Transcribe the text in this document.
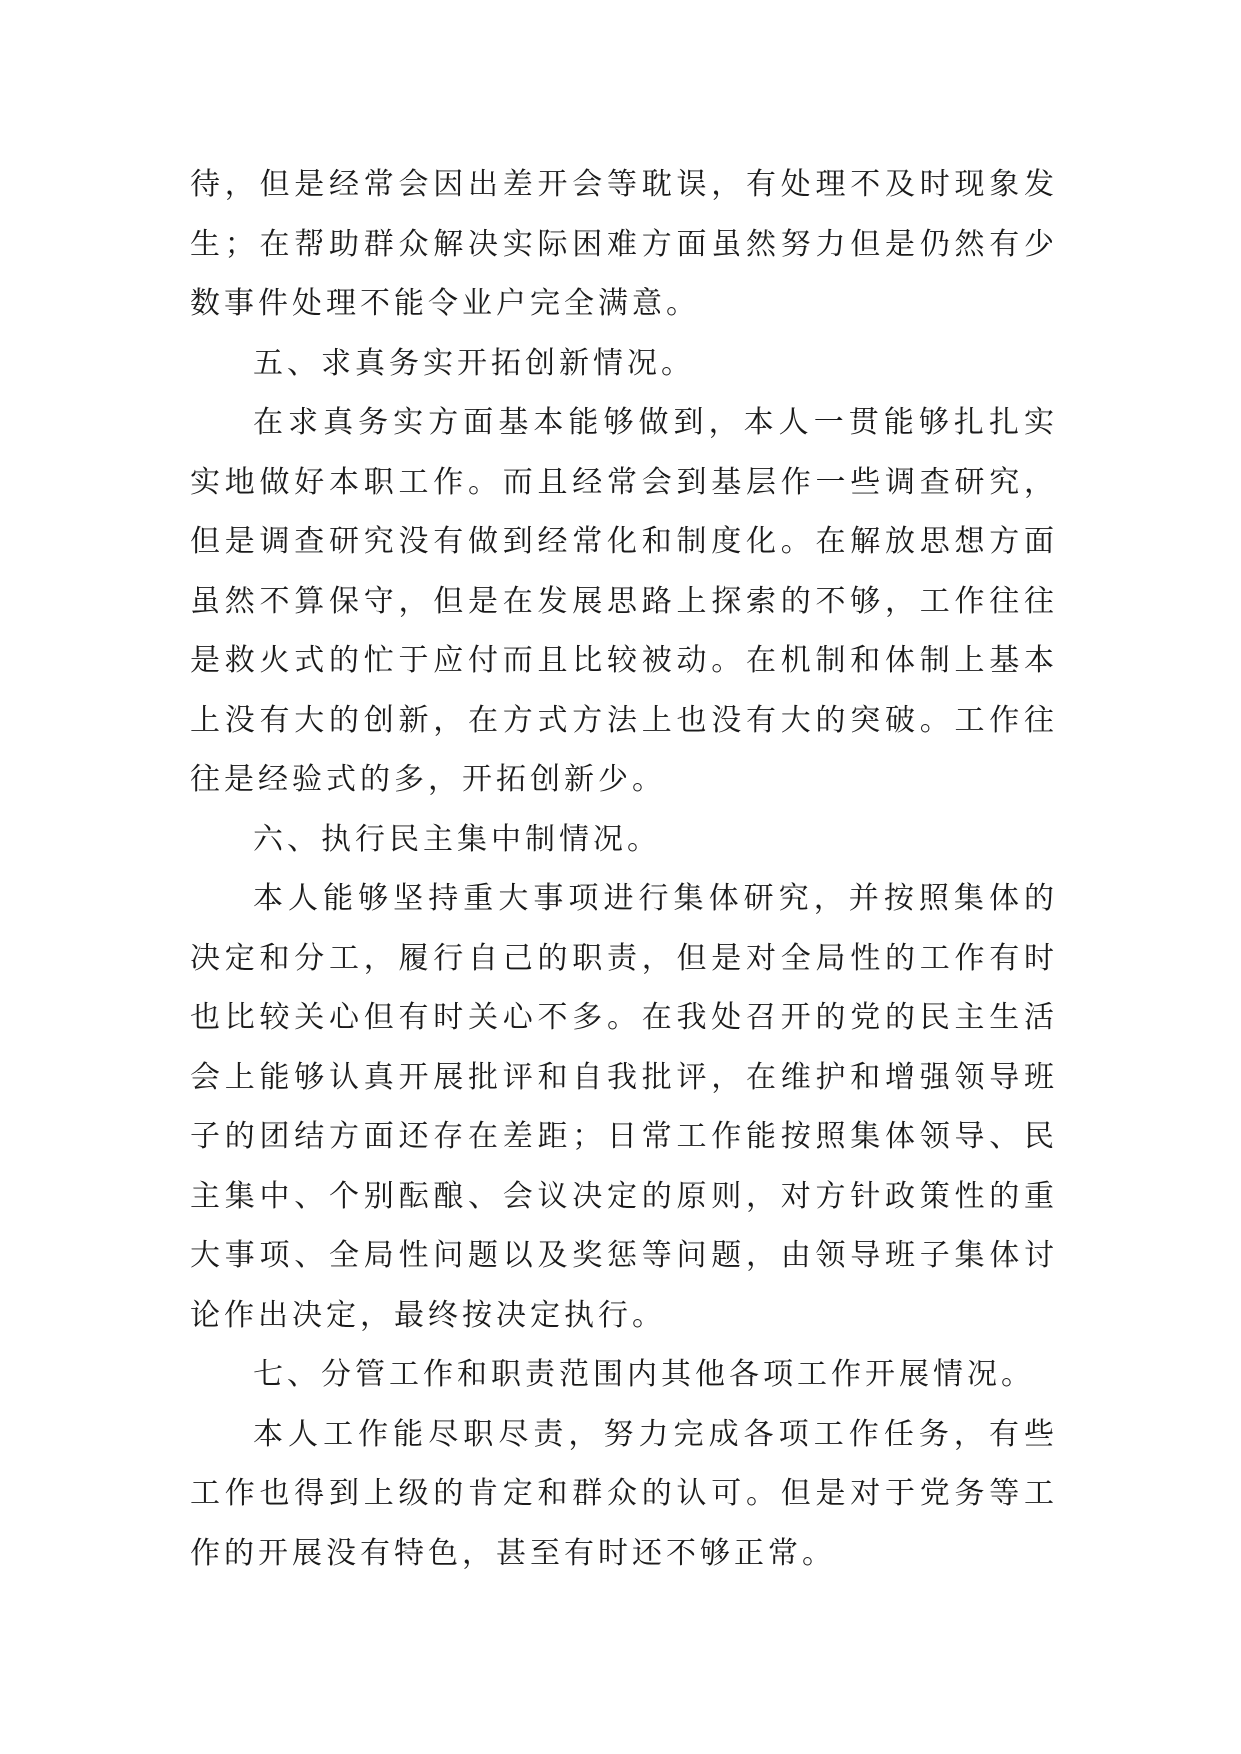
待，但是经常会因出差开会等耽误，有处理不及时现象发生；在帮助群众解决实际困难方面虽然努力但是仍然有少数事件处理不能令业户完全满意。

五、求真务实开拓创新情况。

在求真务实方面基本能够做到，本人一贯能够扎扎实实地做好本职工作。而且经常会到基层作一些调查研究，但是调查研究没有做到经常化和制度化。在解放思想方面虽然不算保守，但是在发展思路上探索的不够，工作往往是救火式的忙于应付而且比较被动。在机制和体制上基本上没有大的创新，在方式方法上也没有大的突破。工作往往是经验式的多，开拓创新少。

六、执行民主集中制情况。

本人能够坚持重大事项进行集体研究，并按照集体的决定和分工，履行自己的职责，但是对全局性的工作有时也比较关心但有时关心不多。在我处召开的党的民主生活会上能够认真开展批评和自我批评，在维护和增强领导班子的团结方面还存在差距；日常工作能按照集体领导、民主集中、个别酝酿、会议决定的原则，对方针政策性的重大事项、全局性问题以及奖惩等问题，由领导班子集体讨论作出决定，最终按决定执行。

七、分管工作和职责范围内其他各项工作开展情况。

本人工作能尽职尽责，努力完成各项工作任务，有些工作也得到上级的肯定和群众的认可。但是对于党务等工作的开展没有特色，甚至有时还不够正常。
